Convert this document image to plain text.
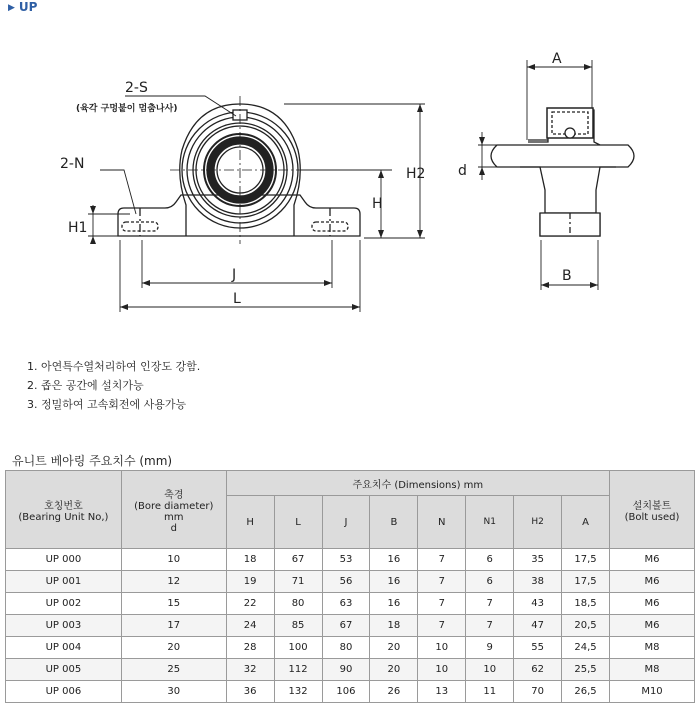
▶ UP
2-S
(육각 구멍붙이 멈춤나사)
2-N
H1
H
H2
J
L
A
d
B
1. 아연특수열처리하여 인장도 강함.
2. 좁은 공간에 설치가능
3. 정밀하여 고속회전에 사용가능
유니트 베아링 주요치수 (mm)
호칭번호
(Bearing Unit No,)	축경
(Bore diameter)
mm
d	주요치수 (Dimensions) mm								설치볼트
(Bolt used)
		H	L	J	B	N	N1	H2	A	
UP 000	10	18	67	53	16	7	6	35	17,5	M6
UP 001	12	19	71	56	16	7	6	38	17,5	M6
UP 002	15	22	80	63	16	7	7	43	18,5	M6
UP 003	17	24	85	67	18	7	7	47	20,5	M6
UP 004	20	28	100	80	20	10	9	55	24,5	M8
UP 005	25	32	112	90	20	10	10	62	25,5	M8
UP 006	30	36	132	106	26	13	11	70	26,5	M10
